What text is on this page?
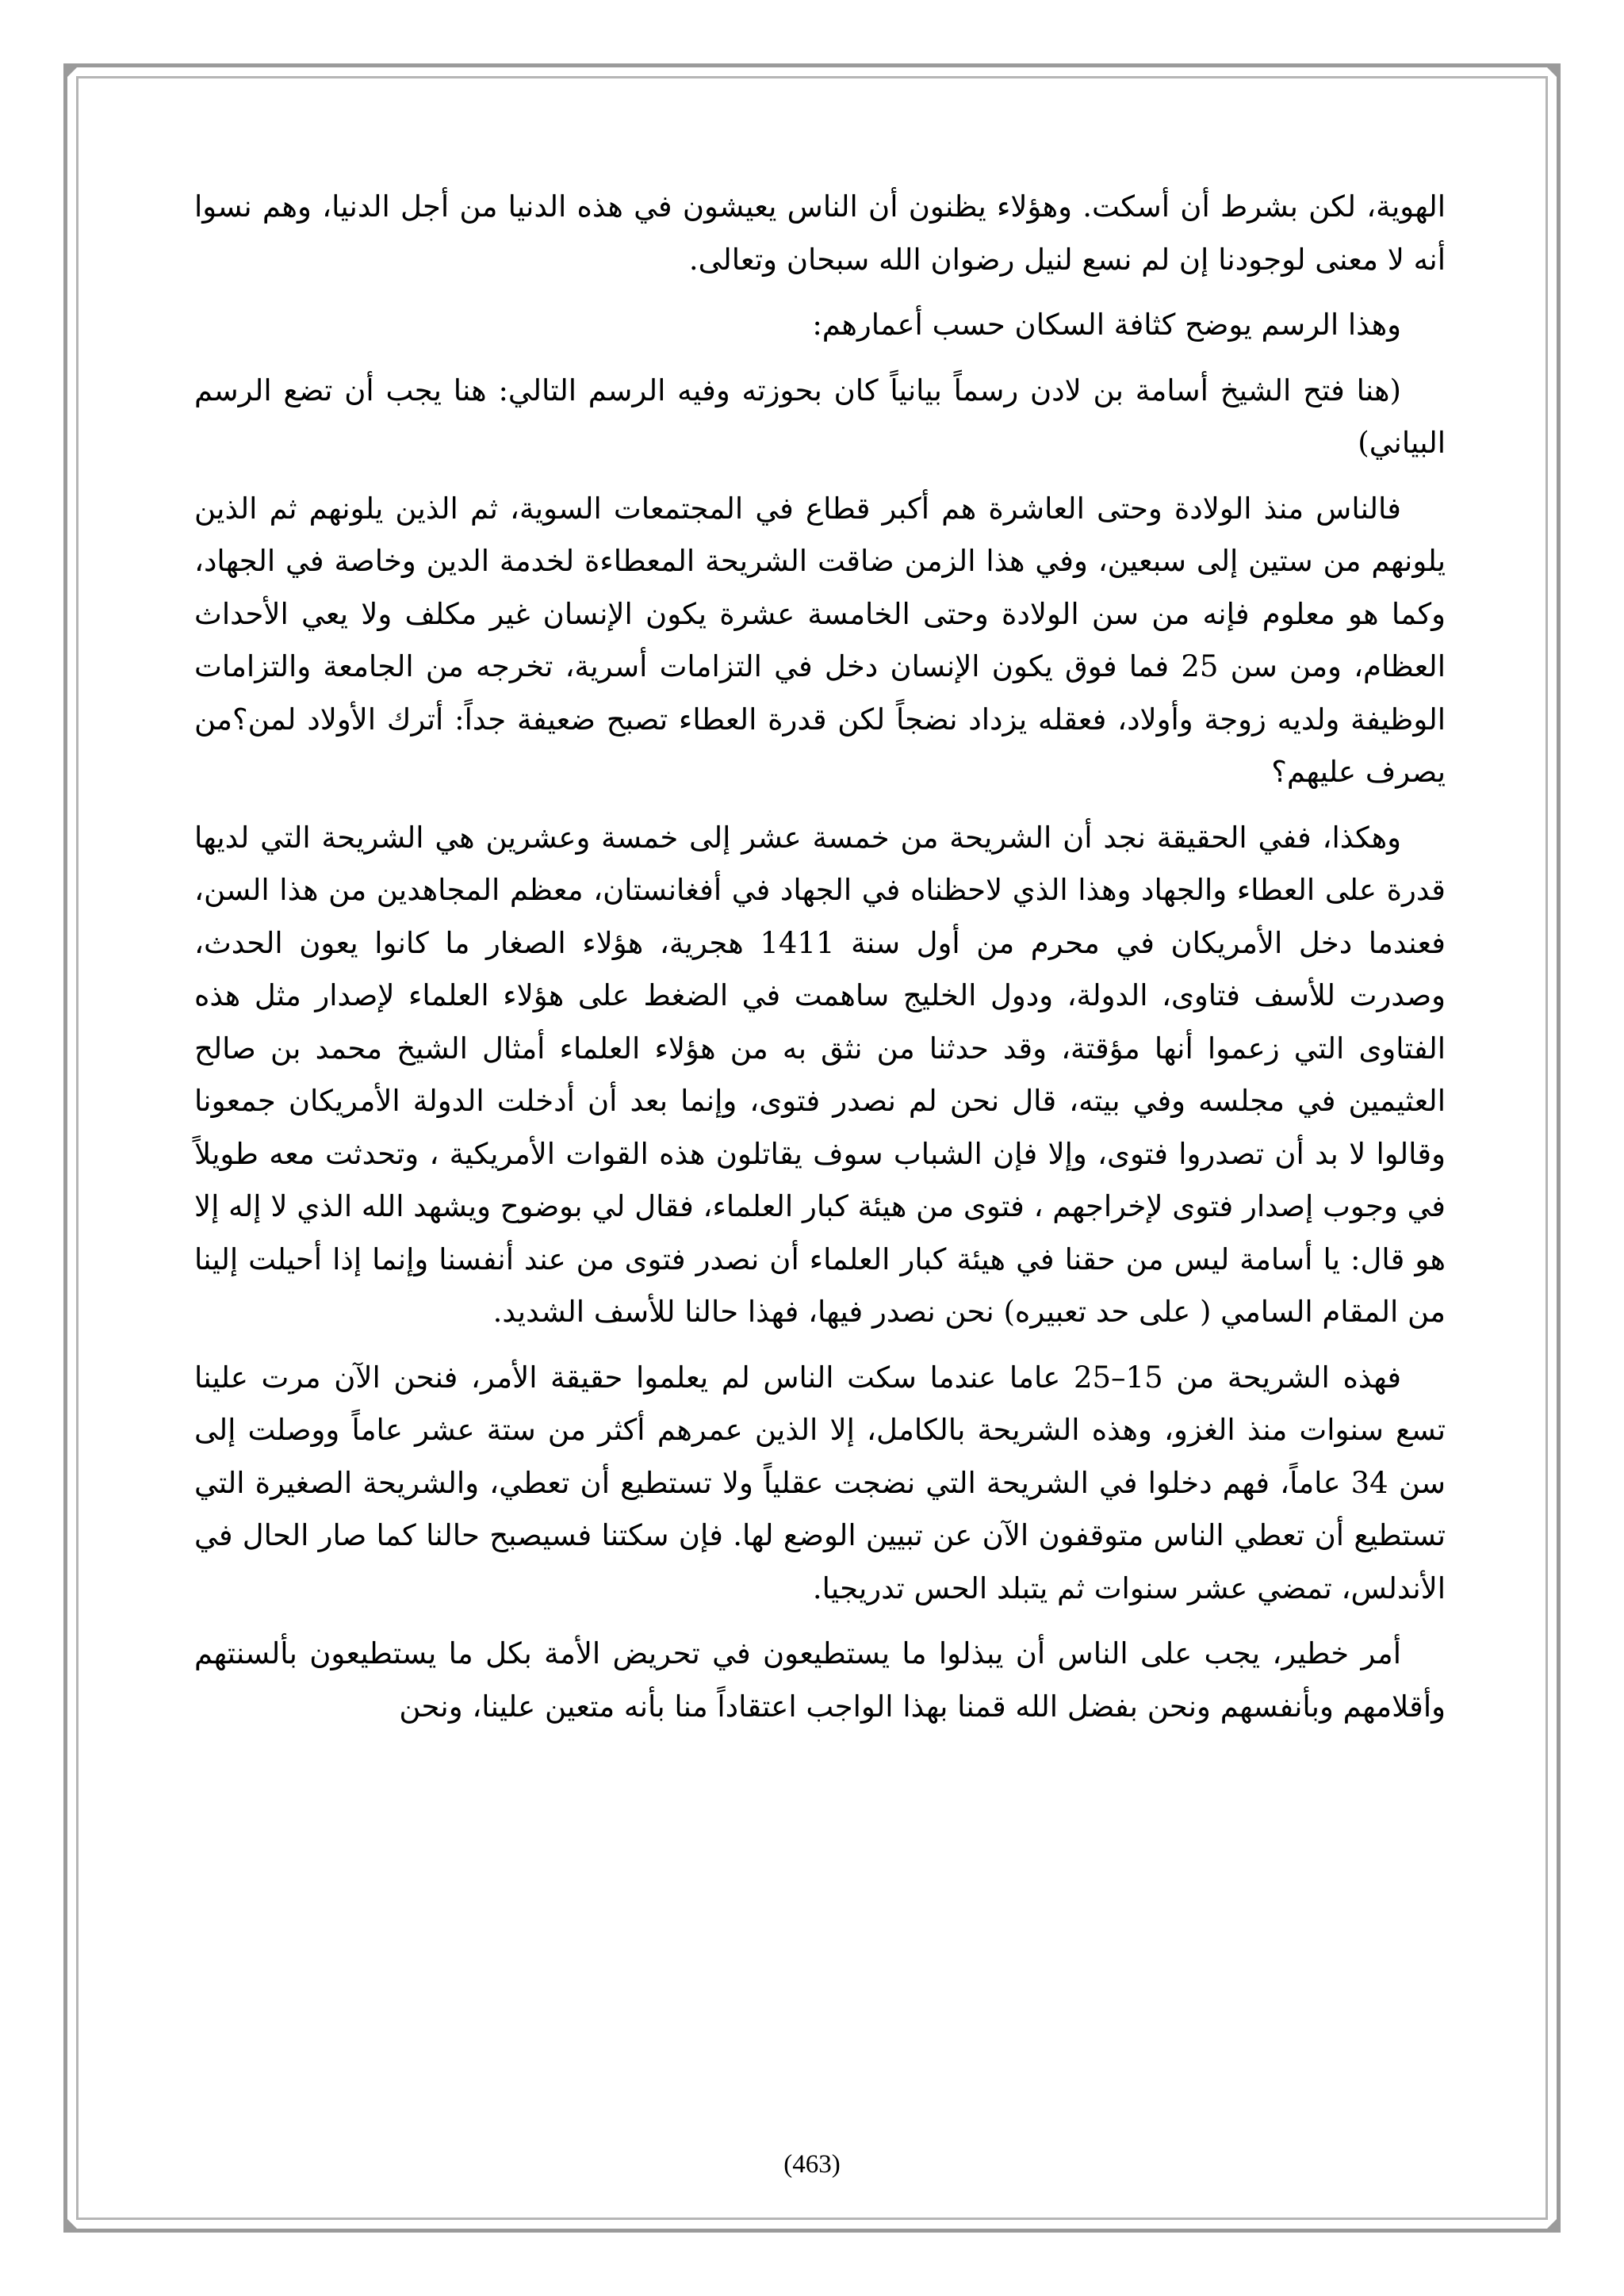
الهوية، لكن بشرط أن أسكت. وهؤلاء يظنون أن الناس يعيشون في هذه الدنيا من أجل الدنيا، وهم نسوا أنه لا معنى لوجودنا إن لم نسع لنيل رضوان الله سبحان وتعالى.

وهذا الرسم يوضح كثافة السكان حسب أعمارهم:

(هنا فتح الشيخ أسامة بن لادن رسماً بيانياً كان بحوزته وفيه الرسم التالي: هنا يجب أن تضع الرسم البياني)

فالناس منذ الولادة وحتى العاشرة هم أكبر قطاع في المجتمعات السوية، ثم الذين يلونهم ثم الذين يلونهم من ستين إلى سبعين، وفي هذا الزمن ضاقت الشريحة المعطاءة لخدمة الدين وخاصة في الجهاد، وكما هو معلوم فإنه من سن الولادة وحتى الخامسة عشرة يكون الإنسان غير مكلف ولا يعي الأحداث العظام، ومن سن 25 فما فوق يكون الإنسان دخل في التزامات أسرية، تخرجه من الجامعة والتزامات الوظيفة ولديه زوجة وأولاد، فعقله يزداد نضجاً لكن قدرة العطاء تصبح ضعيفة جداً: أترك الأولاد لمن؟من يصرف عليهم؟

وهكذا، ففي الحقيقة نجد أن الشريحة من خمسة عشر إلى خمسة وعشرين هي الشريحة التي لديها قدرة على العطاء والجهاد وهذا الذي لاحظناه في الجهاد في أفغانستان، معظم المجاهدين من هذا السن، فعندما دخل الأمريكان في محرم من أول سنة 1411 هجرية، هؤلاء الصغار ما كانوا يعون الحدث، وصدرت للأسف فتاوى، الدولة، ودول الخليج ساهمت في الضغط على هؤلاء العلماء لإصدار مثل هذه الفتاوى التي زعموا أنها مؤقتة، وقد حدثنا من نثق به من هؤلاء العلماء أمثال الشيخ محمد بن صالح العثيمين في مجلسه وفي بيته، قال نحن لم نصدر فتوى، وإنما بعد أن أدخلت الدولة الأمريكان جمعونا وقالوا لا بد أن تصدروا فتوى، وإلا فإن الشباب سوف يقاتلون هذه القوات الأمريكية ، وتحدثت معه طويلاً في وجوب إصدار فتوى لإخراجهم ، فتوى من هيئة كبار العلماء، فقال لي بوضوح ويشهد الله الذي لا إله إلا هو قال: يا أسامة ليس من حقنا في هيئة كبار العلماء أن نصدر فتوى من عند أنفسنا وإنما إذا أحيلت إلينا من المقام السامي ( على حد تعبيره) نحن نصدر فيها، فهذا حالنا للأسف الشديد.

فهذه الشريحة من 15–25 عاما عندما سكت الناس لم يعلموا حقيقة الأمر، فنحن الآن مرت علينا تسع سنوات منذ الغزو، وهذه الشريحة بالكامل، إلا الذين عمرهم أكثر من ستة عشر عاماً ووصلت إلى سن 34 عاماً، فهم دخلوا في الشريحة التي نضجت عقلياً ولا تستطيع أن تعطي، والشريحة الصغيرة التي تستطيع أن تعطي الناس متوقفون الآن عن تبيين الوضع لها. فإن سكتنا فسيصبح حالنا كما صار الحال في الأندلس، تمضي عشر سنوات ثم يتبلد الحس تدريجيا.

أمر خطير، يجب على الناس أن يبذلوا ما يستطيعون في تحريض الأمة بكل ما يستطيعون بألسنتهم وأقلامهم وبأنفسهم ونحن بفضل الله قمنا بهذا الواجب اعتقاداً منا بأنه متعين علينا، ونحن

(463)
